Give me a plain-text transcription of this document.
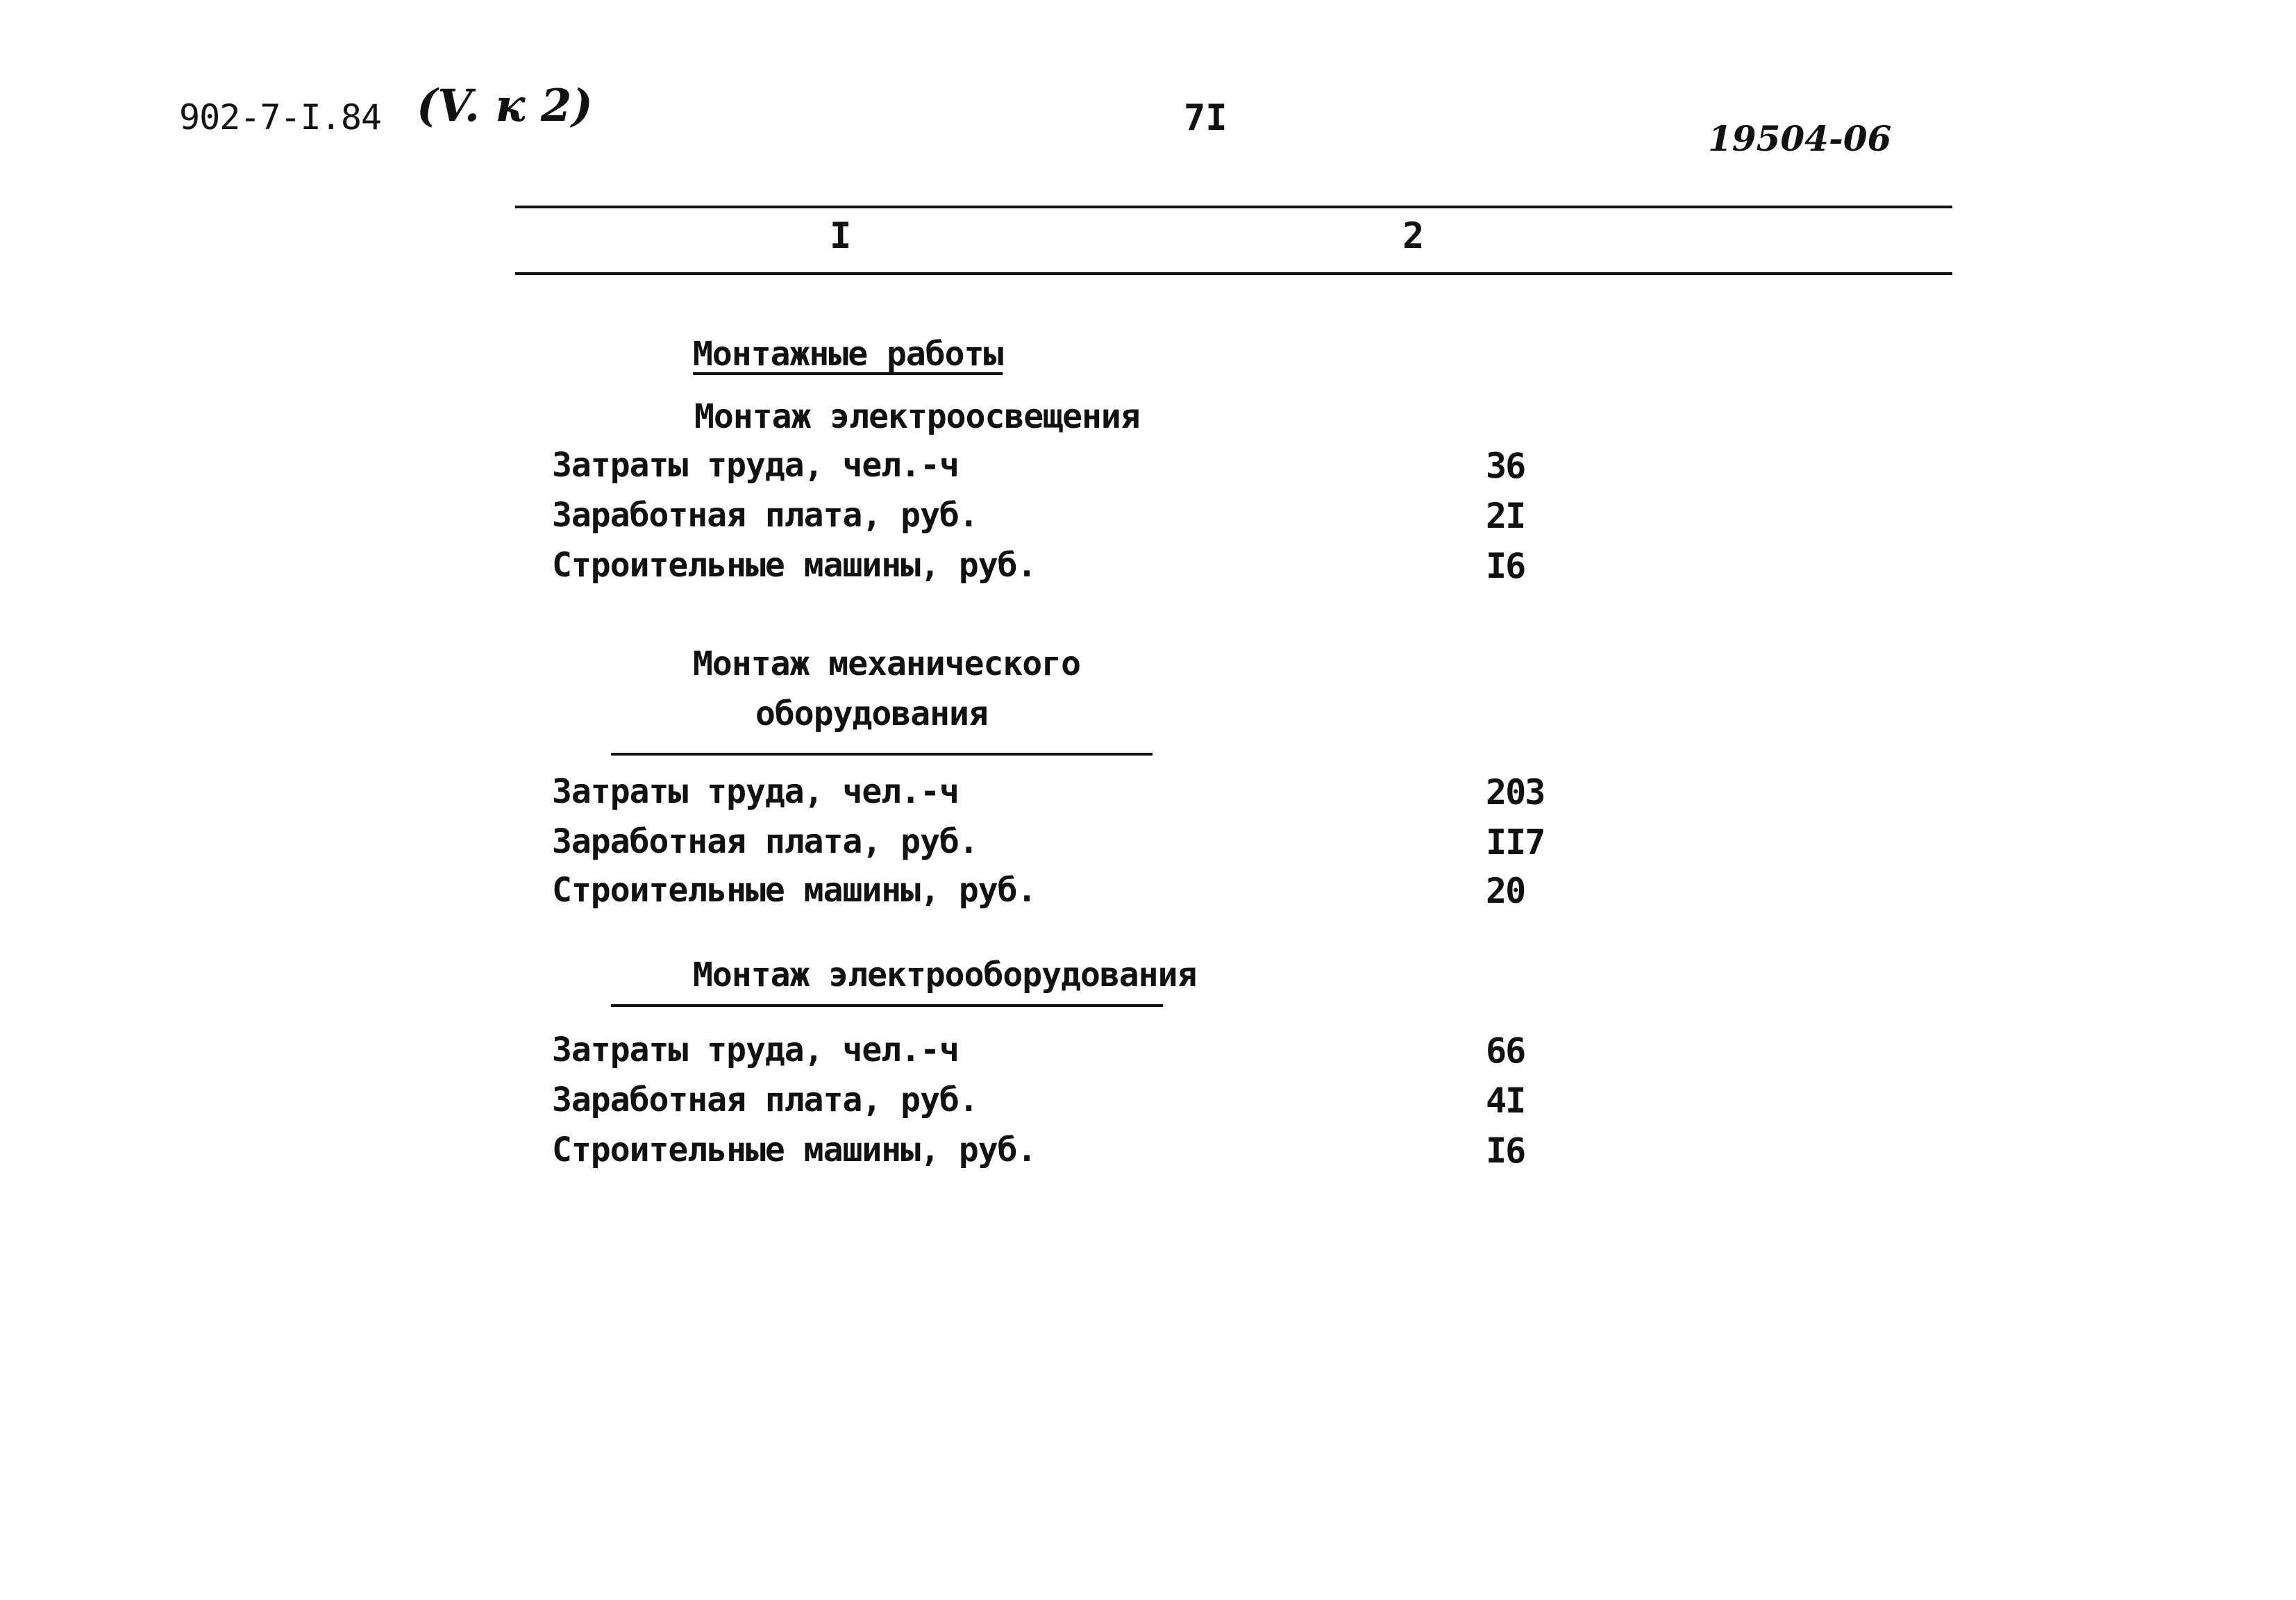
902-7-I.84 (V. к 2)	7I	19504-06
I	2
Монтажные работы
Монтаж электроосвещения
Затраты труда, чел.-ч	36
Заработная плата, руб.	2I
Строительные машины, руб.	I6
Монтаж механического
оборудования
Затраты труда, чел.-ч	203
Заработная плата, руб.	II7
Строительные машины, руб.	20
Монтаж электрооборудования
Затраты труда, чел.-ч	66
Заработная плата, руб.	4I
Строительные машины, руб.	I6
